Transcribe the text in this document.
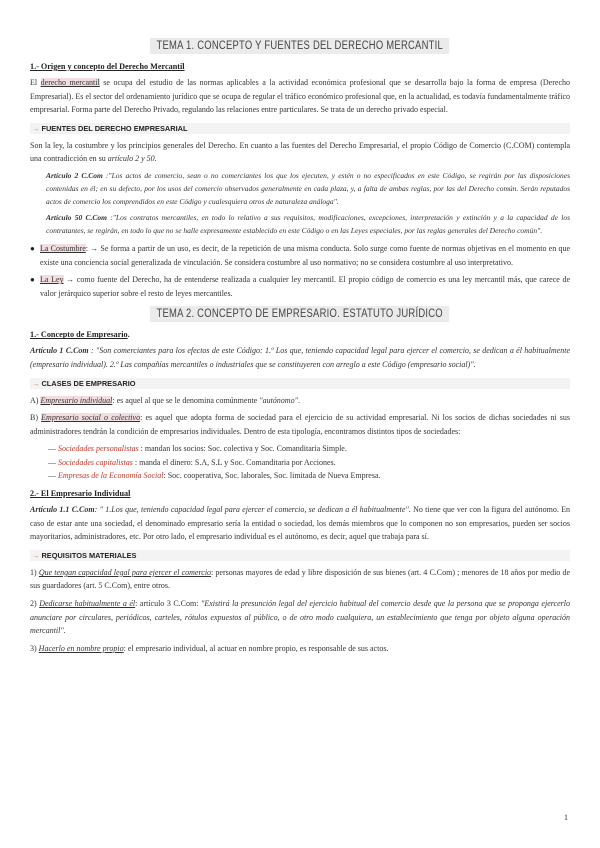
TEMA 1. CONCEPTO Y FUENTES DEL DERECHO MERCANTIL
1.- Origen y concepto del Derecho Mercantil

El derecho mercantil se ocupa del estudio de las normas aplicables a la actividad económica profesional que se desarrolla bajo la forma de empresa (Derecho Empresarial). Es el sector del ordenamiento jurídico que se ocupa de regular el tráfico económico profesional que, en la actualidad, es todavía fundamentalmente tráfico empresarial. Forma parte del Derecho Privado, regulando las relaciones entre particulares. Se trata de un derecho privado especial.

→ FUENTES DEL DERECHO EMPRESARIAL

Son la ley, la costumbre y los principios generales del Derecho. En cuanto a las fuentes del Derecho Empresarial, el propio Código de Comercio (C.COM) contempla una contradicción en su artículo 2 y 50.

Artículo 2 C.Com :"Los actos de comercio, sean o no comerciantes los que los ejecuten, y estén o no especificados en este Código, se regirán por las disposiciones contenidas en él; en su defecto, por los usos del comercio observados generalmente en cada plaza, y, a falta de ambas reglas, por las del Derecho común. Serán reputados actos de comercio los comprendidos en este Código y cualesquiera otros de naturaleza análoga".

Artículo 50 C.Com :"Los contratos mercantiles, en todo lo relativo a sus requisitos, modificaciones, excepciones, interpretación y extinción y a la capacidad de los contratantes, se regirán, en todo lo que no se halle expresamente establecido en este Código o en las Leyes especiales, por las reglas generales del Derecho común".

● La Costumbre: → Se forma a partir de un uso, es decir, de la repetición de una misma conducta. Solo surge como fuente de normas objetivas en el momento en que existe una conciencia social generalizada de vinculación. Se considera costumbre al uso normativo; no se considera costumbre al uso interpretativo.

● La Ley → como fuente del Derecho, ha de entenderse realizada a cualquier ley mercantil. El propio código de comercio es una ley mercantil más, que carece de valor jerárquico superior sobre el resto de leyes mercantiles.

TEMA 2. CONCEPTO DE EMPRESARIO. ESTATUTO JURÍDICO
1.- Concepto de Empresario.

Artículo 1 C.Com : "Son comerciantes para los efectos de este Código: 1.º Los que, teniendo capacidad legal para ejercer el comercio, se dedican a él habitualmente (empresario individual). 2.º Las compañías mercantiles o industriales que se constituyeren con arreglo a este Código (empresario social)".

→ CLASES DE EMPRESARIO

A) Empresario individual: es aquel al que se le denomina comúnmente "autónomo".

B) Empresario social o colectivo: es aquel que adopta forma de sociedad para el ejercicio de su actividad empresarial. Ni los socios de dichas sociedades ni sus administradores tendrán la condición de empresarios individuales. Dentro de esta tipología, encontramos distintos tipos de sociedades:

— Sociedades personalistas : mandan los socios: Soc. colectiva y Soc. Comanditaria Simple.
— Sociedades capitalistas : manda el dinero: S.A, S.L y Soc. Comanditaria por Acciones.
— Empresas de la Economía Social: Soc. cooperativa, Soc. laborales, Soc. limitada de Nueva Empresa.
2.- El Empresario Individual

Artículo 1.1 C.Com: " 1.Los que, teniendo capacidad legal para ejercer el comercio, se dedican a él habitualmente". No tiene que ver con la figura del autónomo. En caso de estar ante una sociedad, el denominado empresario sería la entidad o sociedad, los demás miembros que lo componen no son empresarios, pueden ser socios mayoritarios, administradores, etc. Por otro lado, el empresario individual es el autónomo, es decir, aquel que trabaja para sí.

→ REQUISITOS MATERIALES

1) Que tengan capacidad legal para ejercer el comercio: personas mayores de edad y libre disposición de sus bienes (art. 4 C.Com) ; menores de 18 años por medio de sus guardadores (art. 5 C.Com), entre otros.

2) Dedicarse habitualmente a él: artículo 3 C.Com: "Existirá la presunción legal del ejercicio habitual del comercio desde que la persona que se proponga ejercerlo anunciare por circulares, periódicos, carteles, rótulos expuestos al público, o de otro modo cualquiera, un establecimiento que tenga por objeto alguna operación mercantil".

3) Hacerlo en nombre propio: el empresario individual, al actuar en nombre propio, es responsable de sus actos.

1
